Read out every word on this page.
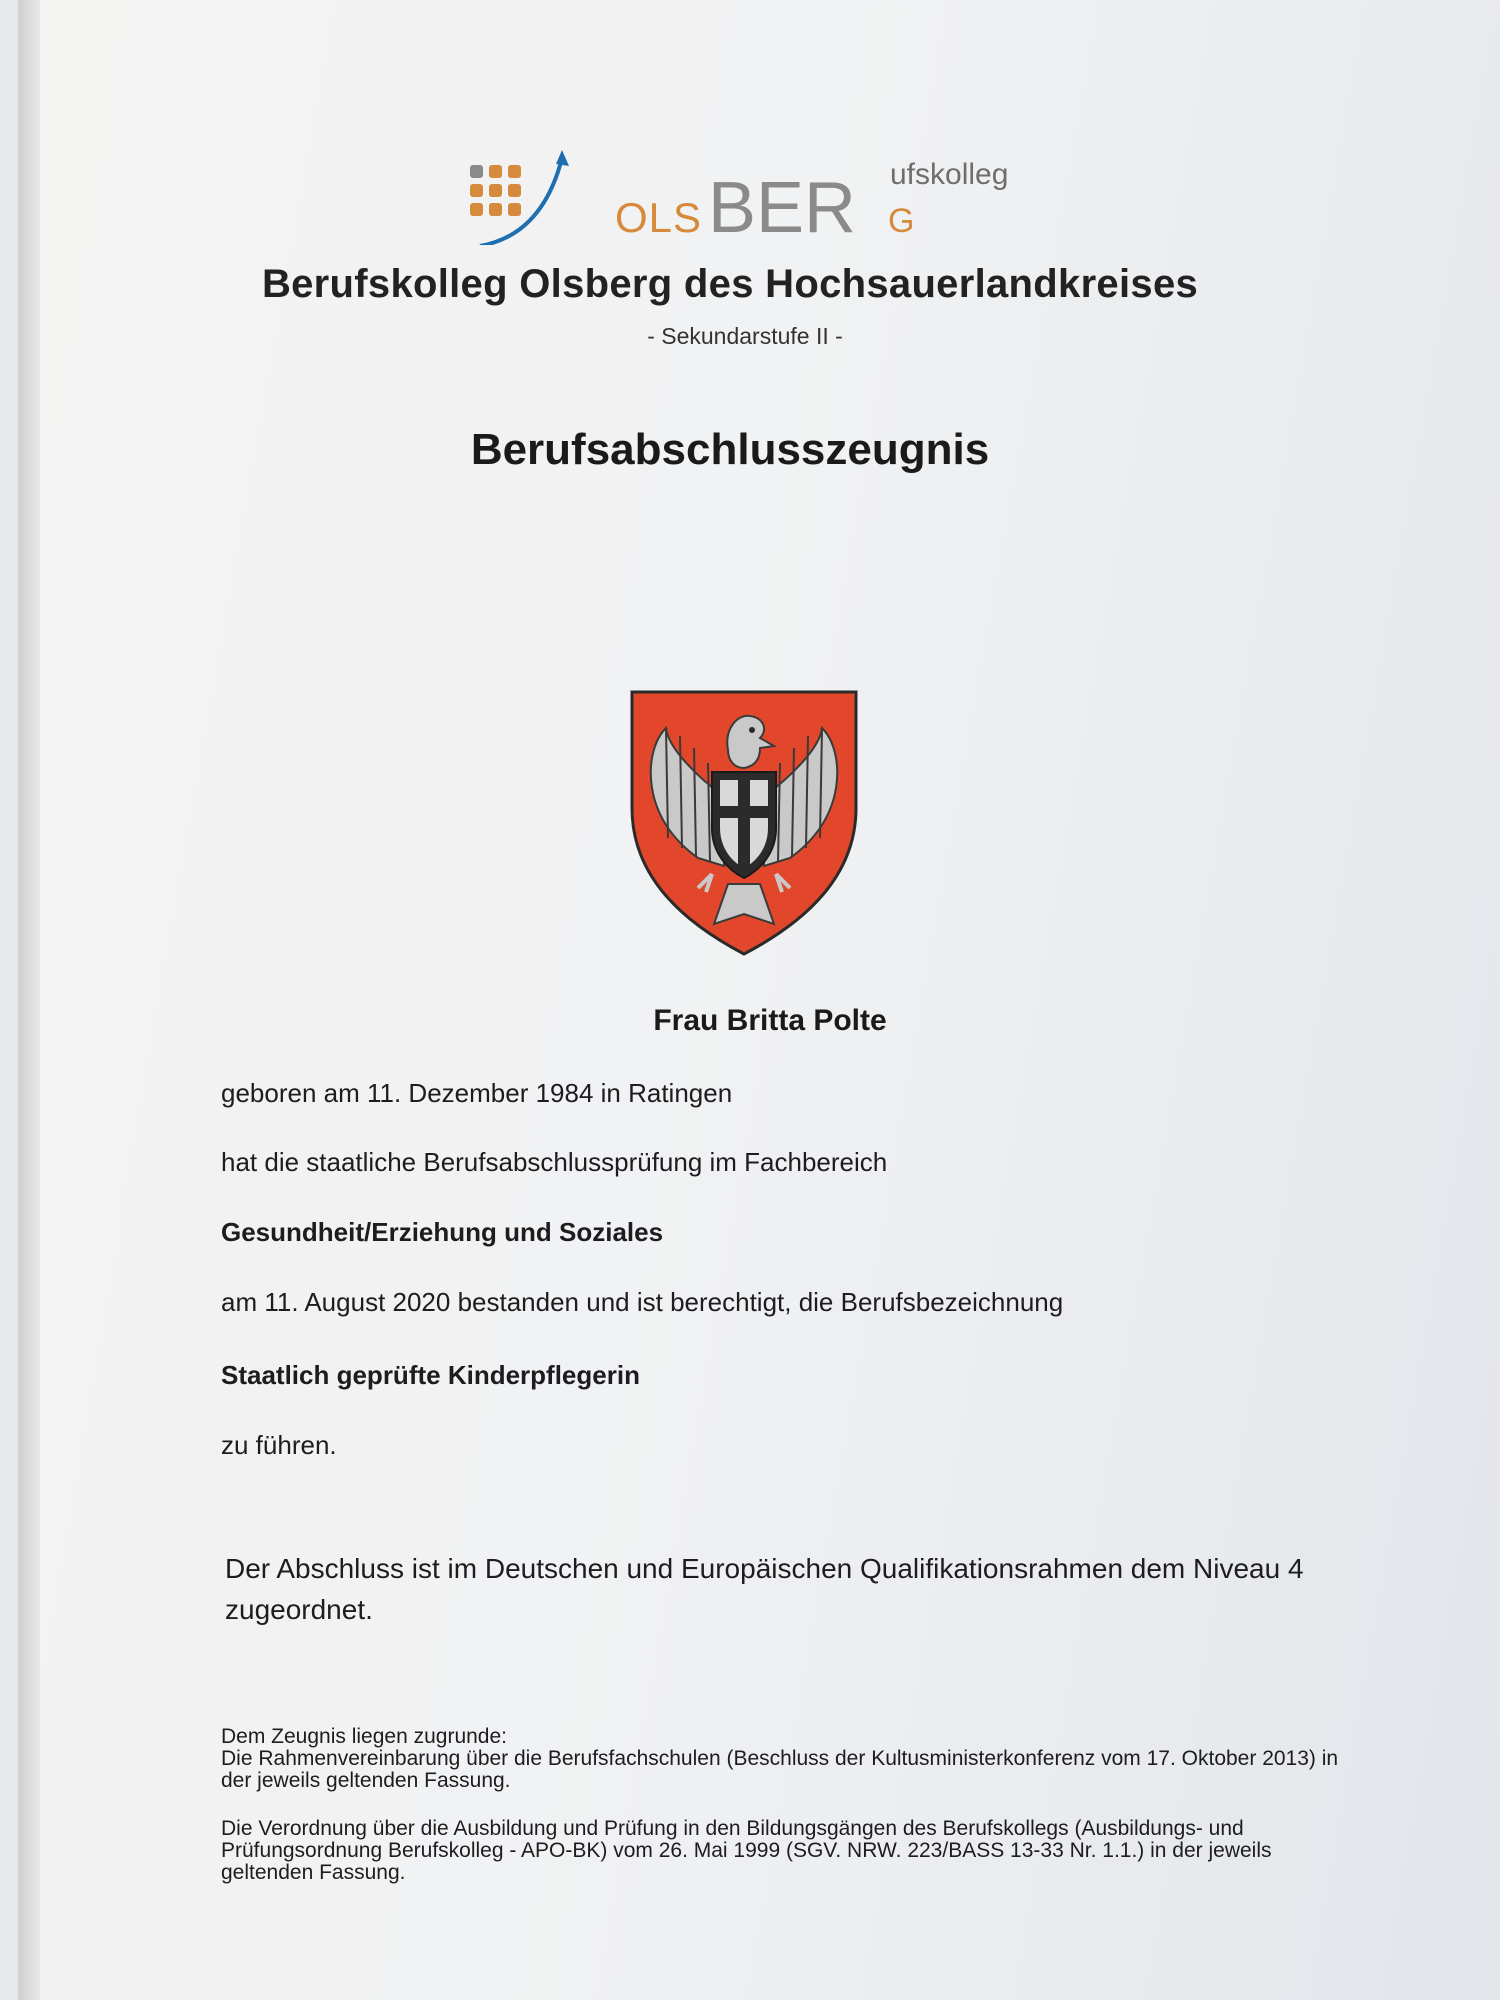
OLS BER G
ufskolleg
Berufskolleg Olsberg des Hochsauerlandkreises
- Sekundarstufe II -
Berufsabschlusszeugnis
Frau Britta Polte
geboren am 11. Dezember 1984 in Ratingen
hat die staatliche Berufsabschlussprüfung im Fachbereich
Gesundheit/Erziehung und Soziales
am 11. August 2020 bestanden und ist berechtigt, die Berufsbezeichnung
Staatlich geprüfte Kinderpflegerin
zu führen.
Der Abschluss ist im Deutschen und Europäischen Qualifikationsrahmen dem Niveau 4 zugeordnet.

Dem Zeugnis liegen zugrunde:

Die Rahmenvereinbarung über die Berufsfachschulen (Beschluss der Kultusministerkonferenz vom 17. Oktober 2013) in der jeweils geltenden Fassung.

Die Verordnung über die Ausbildung und Prüfung in den Bildungsgängen des Berufskollegs (Ausbildungs- und Prüfungsordnung Berufskolleg - APO-BK) vom 26. Mai 1999 (SGV. NRW. 223/BASS 13-33 Nr. 1.1.) in der jeweils geltenden Fassung.
